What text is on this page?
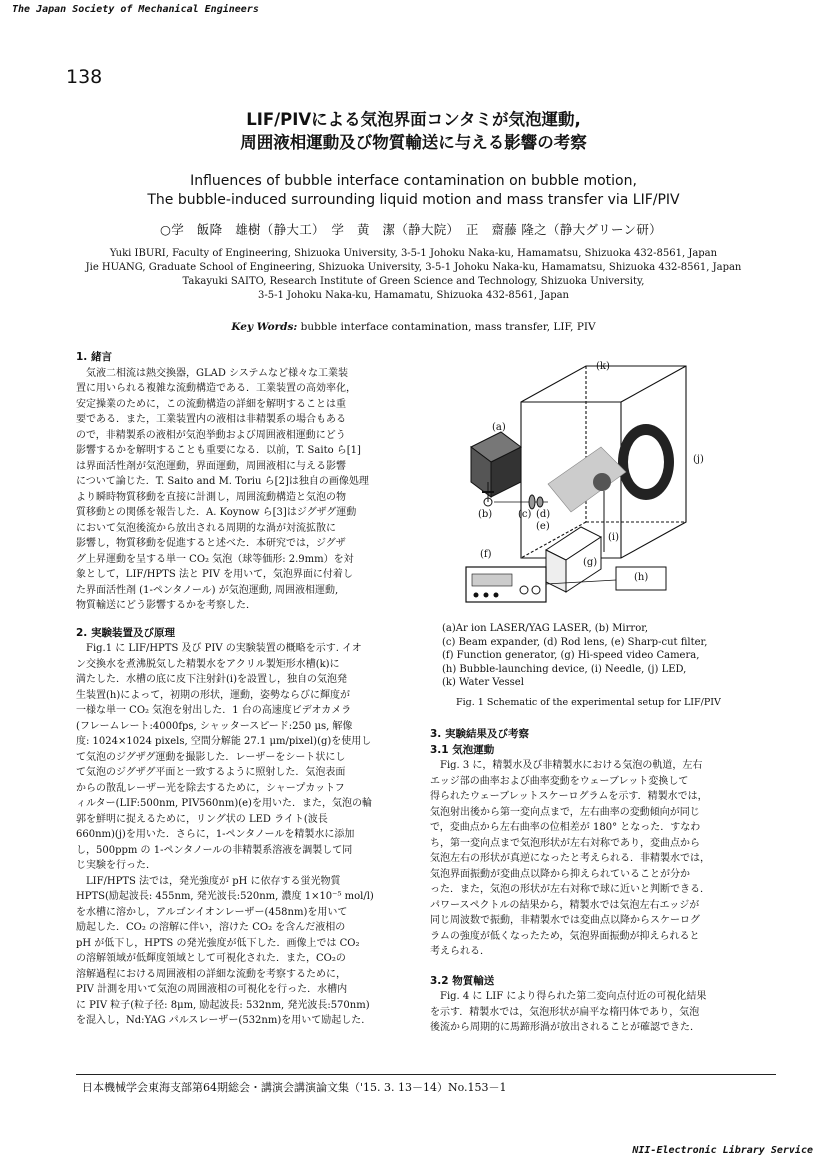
The Japan Society of Mechanical Engineers
138
LIF/PIVによる気泡界面コンタミが気泡運動,
周囲液相運動及び物質輸送に与える影響の考察
Influences of bubble interface contamination on bubble motion,
The bubble-induced surrounding liquid motion and mass transfer via LIF/PIV
○学　飯降　雄樹（静大工）　学　黄　潔（静大院）　正　齋藤 隆之（静大グリーン研）
Yuki IBURI, Faculty of Engineering, Shizuoka University, 3-5-1 Johoku Naka-ku, Hamamatsu, Shizuoka 432-8561, Japan
Jie HUANG, Graduate School of Engineering, Shizuoka University, 3-5-1 Johoku Naka-ku, Hamamatsu, Shizuoka 432-8561, Japan
Takayuki SAITO, Research Institute of Green Science and Technology, Shizuoka University,
3-5-1 Johoku Naka-ku, Hamamatu, Shizuoka 432-8561, Japan
Key Words: bubble interface contamination, mass transfer, LIF, PIV
1. 緒言

　気液二相流は熱交換器，GLAD システムなど様々な工業装

置に用いられる複雑な流動構造である．工業装置の高効率化，

安定操業のために，この流動構造の詳細を解明することは重

要である．また，工業装置内の液相は非精製系の場合もある

ので，非精製系の液相が気泡挙動および周囲液相運動にどう

影響するかを解明することも重要になる．以前，T. Saito ら[1]

は界面活性剤が気泡運動，界面運動，周囲液相に与える影響

について論じた．T. Saito and M. Toriu ら[2]は独自の画像処理

より瞬時物質移動を直接に計測し，周囲流動構造と気泡の物

質移動との関係を報告した．A. Koynow ら[3]はジグザグ運動

において気泡後流から放出される周期的な渦が対流拡散に

影響し，物質移動を促進すると述べた．本研究では，ジグザ

グ上昇運動を呈する単一 CO₂ 気泡（球等価形: 2.9mm）を対

象として，LIF/HPTS 法と PIV を用いて，気泡界面に付着し

た界面活性剤 (1-ペンタノール) が気泡運動, 周囲液相運動,

物質輸送にどう影響するかを考察した．

2. 実験装置及び原理

　Fig.1 に LIF/HPTS 及び PIV の実験装置の概略を示す. イオ

ン交換水を煮沸脱気した精製水をアクリル製矩形水槽(k)に

満たした．水槽の底に皮下注射針(i)を設置し，独自の気泡発

生装置(h)によって，初期の形状，運動，姿勢ならびに輝度が

一様な単一 CO₂ 気泡を射出した．1 台の高速度ビデオカメラ

(フレームレート:4000fps, シャッタースピード:250 μs, 解像

度: 1024×1024 pixels, 空間分解能 27.1 μm/pixel)(g)を使用し

て気泡のジグザグ運動を撮影した．レーザーをシート状にし

て気泡のジグザグ平面と一致するように照射した．気泡表面

からの散乱レーザー光を除去するために，シャープカットフ

ィルター(LIF:500nm, PIV560nm)(e)を用いた．また，気泡の輪

郭を鮮明に捉えるために，リング状の LED ライト(波長

660nm)(j)を用いた．さらに，1-ペンタノールを精製水に添加

し，500ppm の 1-ペンタノールの非精製系溶液を調製して同

じ実験を行った．

　LIF/HPTS 法では，発光強度が pH に依存する蛍光物質

HPTS(励起波長: 455nm, 発光波長:520nm, 濃度 1×10⁻⁵ mol/l)

を水槽に溶かし，アルゴンイオンレーザー(458nm)を用いて

励起した．CO₂ の溶解に伴い，溶けた CO₂ を含んだ液相の

pH が低下し，HPTS の発光強度が低下した．画像上では CO₂

の溶解領域が低輝度領域として可視化された．また，CO₂の

溶解過程における周囲液相の詳細な流動を考察するために，

PIV 計測を用いて気泡の周囲液相の可視化を行った．水槽内

に PIV 粒子(粒子径: 8μm, 励起波長: 532nm, 発光波長:570nm)

を混入し，Nd:YAG パルスレーザー(532nm)を用いて励起した．

(k)
(a)
(j)
(b)	(c) (d)
(e)
(i)
(f)
(g)
(h)
(a)Ar ion LASER/YAG LASER, (b) Mirror,
(c) Beam expander, (d) Rod lens, (e) Sharp-cut filter,
(f) Function generator, (g) Hi-speed video Camera,
(h) Bubble-launching device, (i) Needle, (j) LED,
(k) Water Vessel
Fig. 1 Schematic of the experimental setup for LIF/PIV
3. 実験結果及び考察
3.1 気泡運動

　Fig. 3 に，精製水及び非精製水における気泡の軌道，左右

エッジ部の曲率および曲率変動をウェーブレット変換して

得られたウェーブレットスケーログラムを示す．精製水では，

気泡射出後から第一変向点まで，左右曲率の変動傾向が同じ

で，変曲点から左右曲率の位相差が 180° となった．すなわ

ち，第一変向点まで気泡形状が左右対称であり，変曲点から

気泡左右の形状が真逆になったと考えられる．非精製水では，

気泡界面振動が変曲点以降から抑えられていることが分か

った．また，気泡の形状が左右対称で球に近いと判断できる．

パワースペクトルの結果から，精製水では気泡左右エッジが

同じ周波数で振動，非精製水では変曲点以降からスケーログ

ラムの強度が低くなったため，気泡界面振動が抑えられると

考えられる．

3.2 物質輸送

　Fig. 4 に LIF により得られた第二変向点付近の可視化結果

を示す．精製水では，気泡形状が扁平な楕円体であり，気泡

後流から周期的に馬蹄形渦が放出されることが確認できた．

日本機械学会東海支部第64期総会・講演会講演論文集（'15. 3. 13－14）No.153－1
NII-Electronic Library Service
